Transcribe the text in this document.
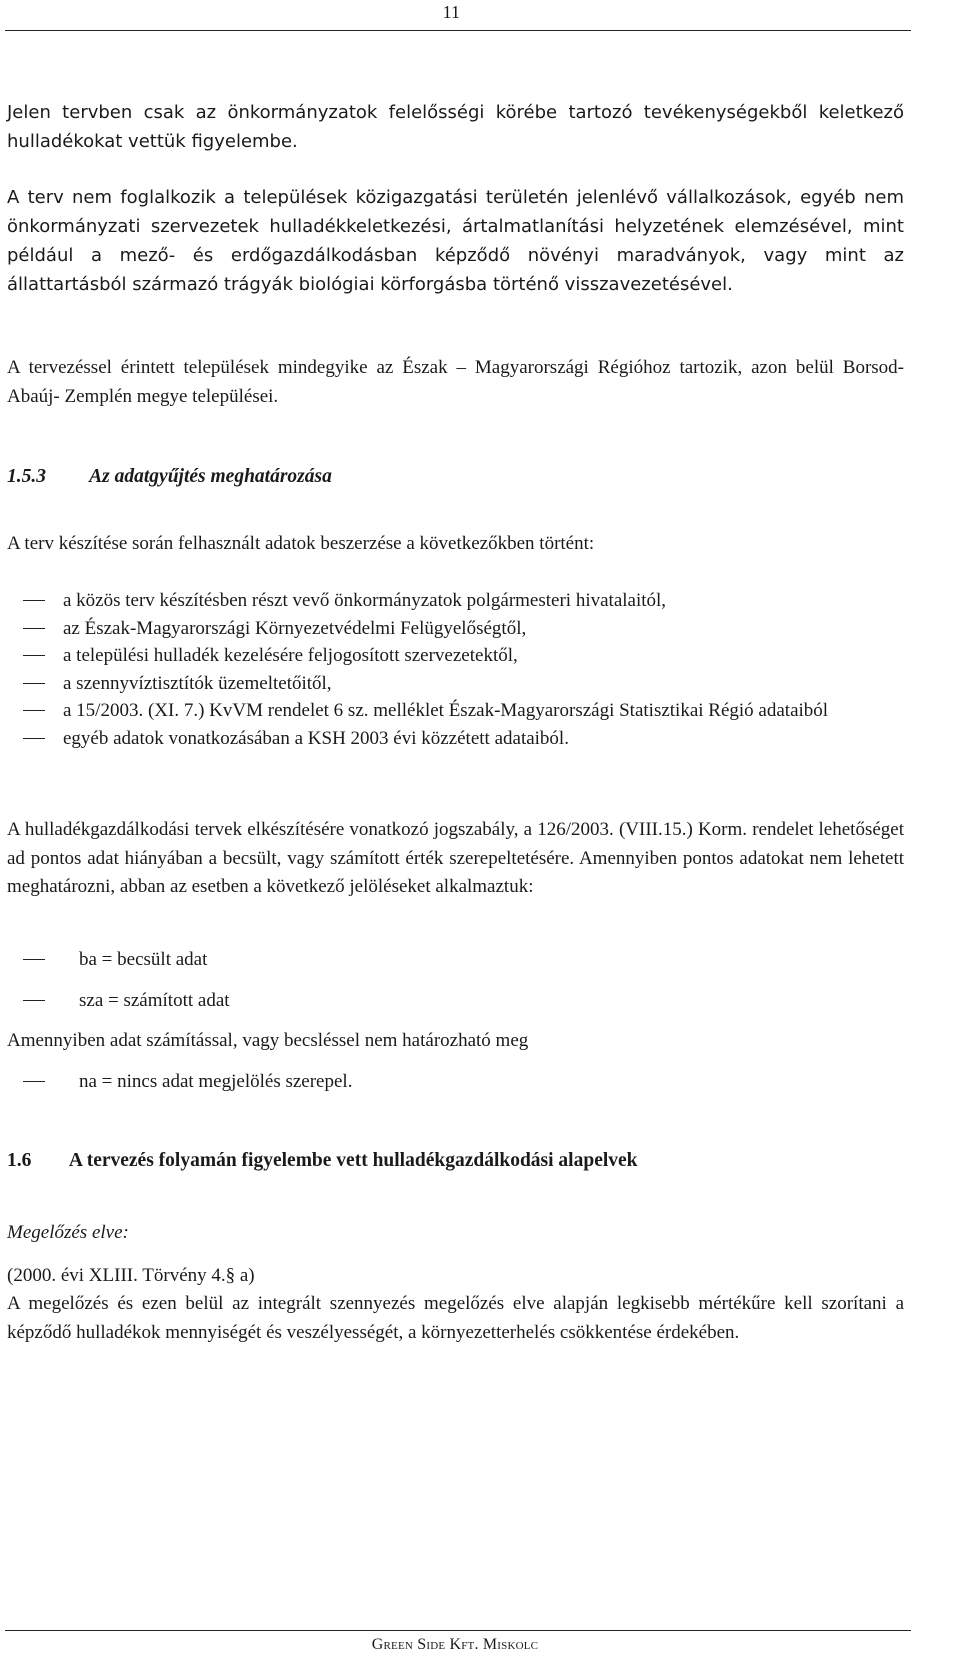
11

Jelen tervben csak az önkormányzatok felelősségi körébe tartozó tevékenységekből keletkező hulladékokat vettük figyelembe.

A terv nem foglalkozik a települések közigazgatási területén jelenlévő vállalkozások, egyéb nem önkormányzati szervezetek hulladékkeletkezési, ártalmatlanítási helyzetének elemzésével, mint például a mező- és erdőgazdálkodásban képződő növényi maradványok, vagy mint az állattartásból származó trágyák biológiai körforgásba történő visszavezetésével.

A tervezéssel érintett települések mindegyike az Észak – Magyarországi Régióhoz tartozik, azon belül Borsod- Abaúj- Zemplén megye települései.

1.5.3 Az adatgyűjtés meghatározása

A terv készítése során felhasznált adatok beszerzése a következőkben történt:

a közös terv készítésben részt vevő önkormányzatok polgármesteri hivatalaitól,
az Észak-Magyarországi Környezetvédelmi Felügyelőségtől,
a települési hulladék kezelésére feljogosított szervezetektől,
a szennyvíztisztítók üzemeltetőitől,
a 15/2003. (XI. 7.) KvVM rendelet 6 sz. melléklet Észak-Magyarországi Statisztikai Régió adataiból
egyéb adatok vonatkozásában a KSH 2003 évi közzétett adataiból.

A hulladékgazdálkodási tervek elkészítésére vonatkozó jogszabály, a 126/2003. (VIII.15.) Korm. rendelet lehetőséget ad pontos adat hiányában a becsült, vagy számított érték szerepeltetésére. Amennyiben pontos adatokat nem lehetett meghatározni, abban az esetben a következő jelöléseket alkalmaztuk:

ba = becsült adat
sza = számított adat

Amennyiben adat számítással, vagy becsléssel nem határozható meg

na = nincs adat megjelölés szerepel.
1.6 A tervezés folyamán figyelembe vett hulladékgazdálkodási alapelvek

Megelőzés elve:

(2000. évi XLIII. Törvény 4.§ a)

A megelőzés és ezen belül az integrált szennyezés megelőzés elve alapján legkisebb mértékűre kell szorítani a képződő hulladékok mennyiségét és veszélyességét, a környezetterhelés csökkentése érdekében.

Green Side Kft. Miskolc
